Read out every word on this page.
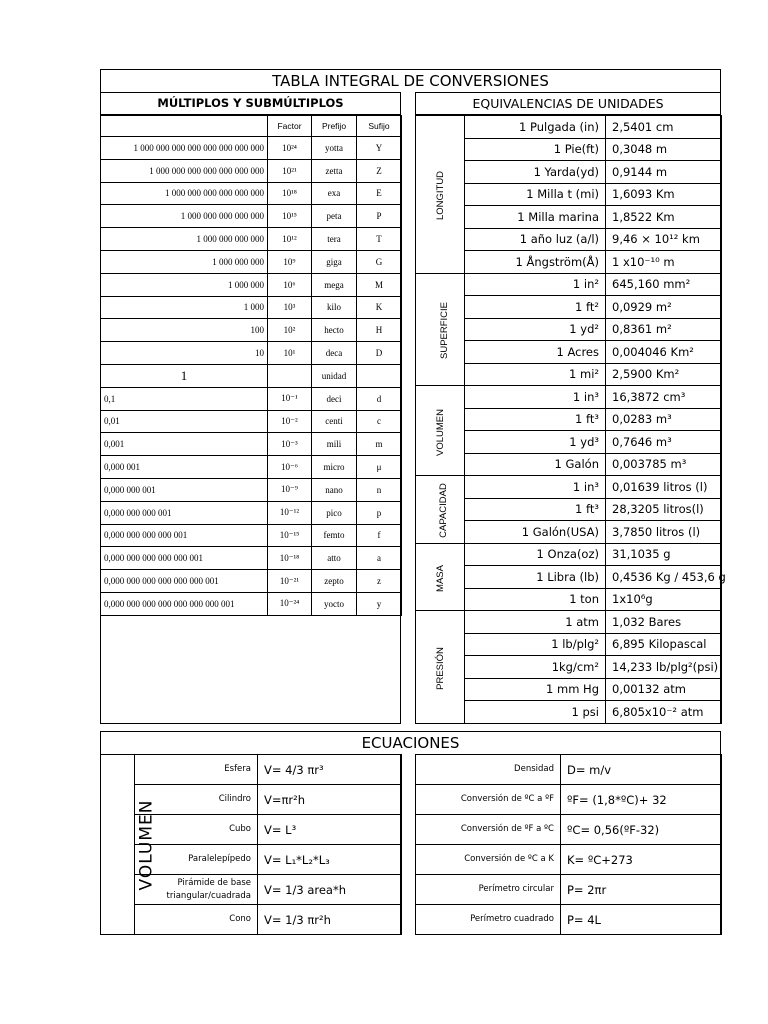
TABLA INTEGRAL DE CONVERSIONES
MÚLTIPLOS Y SUBMÚLTIPLOS
	Factor	Prefijo	Sufijo
1 000 000 000 000 000 000 000 000	10²⁴	yotta	Y
1 000 000 000 000 000 000 000	10²¹	zetta	Z
1 000 000 000 000 000 000	10¹⁸	exa	E
1 000 000 000 000 000	10¹⁵	peta	P
1 000 000 000 000	10¹²	tera	T
1 000 000 000	10⁹	giga	G
1 000 000	10⁶	mega	M
1 000	10³	kilo	K
100	10²	hecto	H
10	10¹	deca	D
1		unidad	
0,1	10⁻¹	deci	d
0,01	10⁻²	centi	c
0,001	10⁻³	mili	m
0,000 001	10⁻⁶	micro	μ
0,000 000 001	10⁻⁹	nano	n
0,000 000 000 001	10⁻¹²	pico	p
0,000 000 000 000 001	10⁻¹⁵	femto	f
0,000 000 000 000 000 001	10⁻¹⁸	atto	a
0,000 000 000 000 000 000 001	10⁻²¹	zepto	z
0,000 000 000 000 000 000 000 001	10⁻²⁴	yocto	y
EQUIVALENCIAS DE UNIDADES
LONGITUD	1 Pulgada (in)	2,5401 cm
	1 Pie(ft)	0,3048 m
	1 Yarda(yd)	0,9144 m
	1 Milla t (mi)	1,6093 Km
	1 Milla marina	1,8522 Km
	1 año luz (a/l)	9,46 × 10¹² km
	1 Ångström(Å)	1 x10⁻¹⁰ m
SUPERFICIE	1 in²	645,160 mm²
	1 ft²	0,0929 m²
	1 yd²	0,8361 m²
	1 Acres	0,004046 Km²
	1 mi²	2,5900 Km²
VOLUMEN	1 in³	16,3872 cm³
	1 ft³	0,0283 m³
	1 yd³	0,7646 m³
	1 Galón	0,003785 m³
CAPACIDAD	1 in³	0,01639 litros (l)
	1 ft³	28,3205 litros(l)
	1 Galón(USA)	3,7850 litros (l)
MASA	1 Onza(oz)	31,1035 g
	1 Libra (lb)	0,4536 Kg / 453,6 g
	1 ton	1x10⁶g
PRESIÓN	1 atm	1,032 Bares
	1 lb/plg²	6,895 Kilopascal
	1kg/cm²	14,233 lb/plg²(psi)
	1 mm Hg	0,00132 atm
	1 psi	6,805x10⁻² atm
ECUACIONES
VOLUMEN	Esfera	V= 4/3 πr³
	Cilindro	V=πr²h
	Cubo	V= L³
	Paralelepípedo	V= L₁*L₂*L₃
	Pirámide de base triangular/cuadrada	V= 1/3 area*h
	Cono	V= 1/3 πr²h
Densidad	D= m/v
Conversión de ºC a ºF	ºF= (1,8*ºC)+ 32
Conversión de ºF a ºC	ºC= 0,56(ºF-32)
Conversión de ºC a K	K= ºC+273
Perímetro circular	P= 2πr
Perímetro cuadrado	P= 4L
